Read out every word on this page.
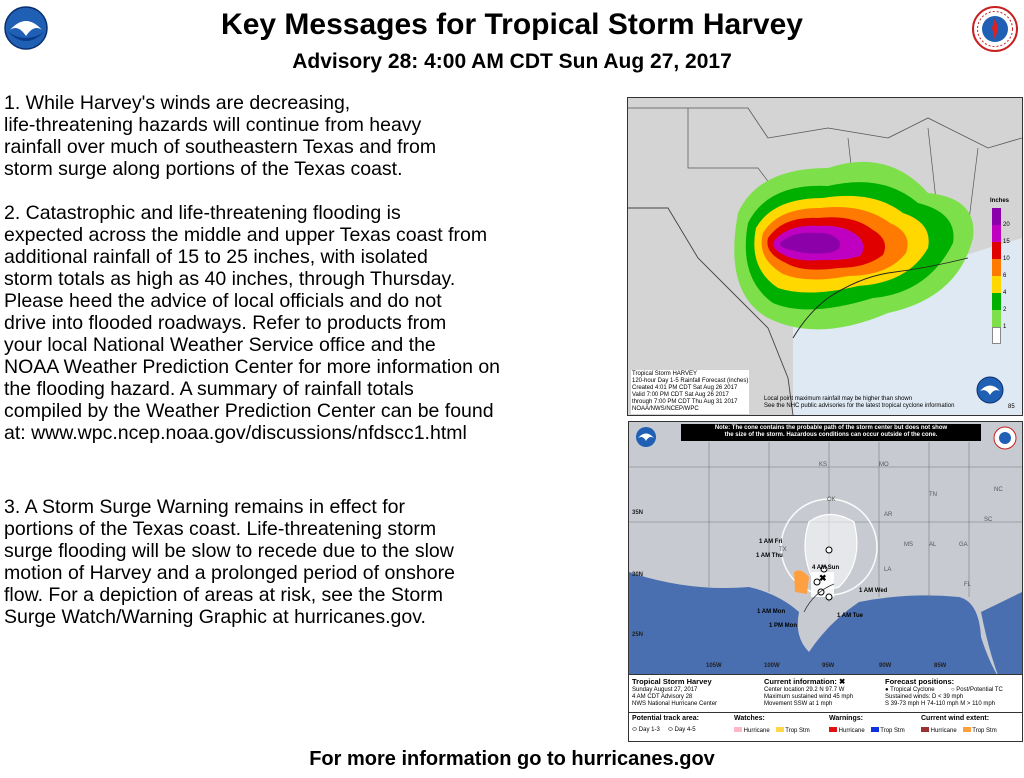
Key Messages for Tropical Storm Harvey
Advisory 28: 4:00 AM CDT Sun Aug 27, 2017
1. While Harvey's winds are decreasing,
life-threatening hazards will continue from heavy
rainfall over much of southeastern Texas and from
storm surge along portions of the Texas coast.
2. Catastrophic and life-threatening flooding is
expected across the middle and upper Texas coast from
additional rainfall of 15 to 25 inches, with isolated
storm totals as high as 40 inches, through Thursday.
Please heed the advice of local officials and do not
drive into flooded roadways. Refer to products from
your local National Weather Service office and the
NOAA Weather Prediction Center for more information on
the flooding hazard. A summary of rainfall totals
compiled by the Weather Prediction Center can be found
at: www.wpc.ncep.noaa.gov/discussions/nfdscc1.html
3. A Storm Surge Warning remains in effect for
portions of the Texas coast. Life-threatening storm
surge flooding will be slow to recede due to the slow
motion of Harvey and a prolonged period of onshore
flow. For a depiction of areas at risk, see the Storm
Surge Watch/Warning Graphic at hurricanes.gov.
Inches
20
15
10
6
4
2
1
Tropical Storm HARVEY
120-hour Day 1-5 Rainfall Forecast (inches)
Created 4:01 PM CDT Sat Aug 26 2017
Valid 7:00 PM CDT Sat Aug 26 2017
through 7:00 PM CDT Thu Aug 31 2017
NOAA/NWS/NCEP/WPC
Local point maximum rainfall may be higher than shown
See the NHC public advisories for the latest tropical cyclone information	85
✖
Note: The cone contains the probable path of the storm center but does not show
the size of the storm. Hazardous conditions can occur outside of the cone.
KS	MO
OK
AR
TN
NC
SC
MS	AL	GA
LA
FL
TX
35N
30N
25N
105W	100W	95W	90W	85W
1 AM Fri
1 AM Thu
4 AM Sun
1 AM Wed
1 AM Mon
1 AM Tue
1 PM Mon
Tropical Storm Harvey
Sunday August 27, 2017
4 AM CDT Advisory 28
NWS National Hurricane Center
Current information: ✖
Center location 29.2 N 97.7 W
Maximum sustained wind 45 mph
Movement SSW at 1 mph
Forecast positions:
● Tropical Cyclone	○ Post/Potential TC
Sustained winds: D < 39 mph
S 39-73 mph H 74-110 mph M > 110 mph
Potential track area:
⬭ Day 1-3 ⬭ Day 4-5
Watches:
Hurricane	Trop Stm
Warnings:
Hurricane	Trop Stm
Current wind extent:
Hurricane	Trop Stm
For more information go to hurricanes.gov
